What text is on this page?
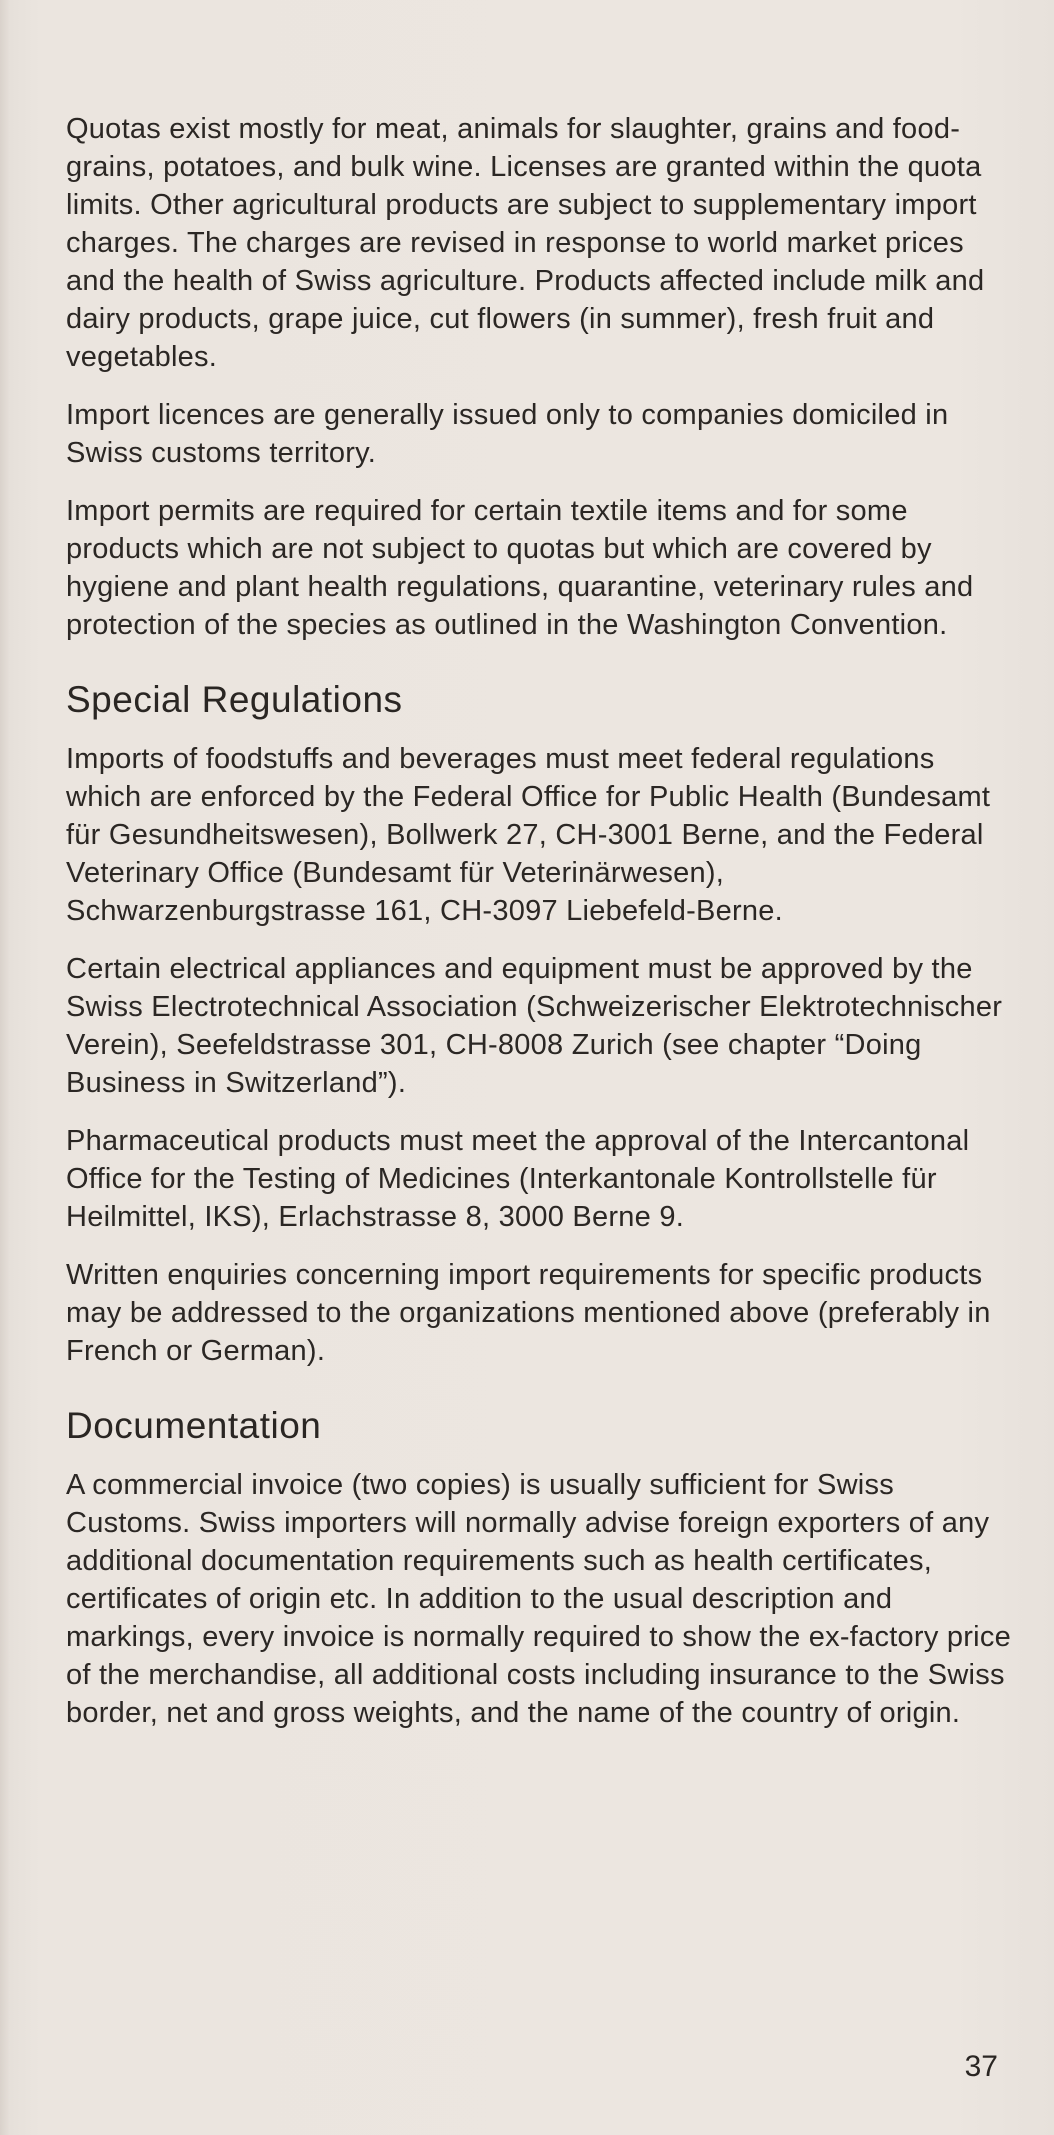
Quotas exist mostly for meat, animals for slaughter, grains and food-grains, potatoes, and bulk wine. Licenses are granted within the quota limits. Other agricultural products are subject to supplementary import charges. The charges are revised in response to world market prices and the health of Swiss agriculture. Products affected include milk and dairy products, grape juice, cut flowers (in summer), fresh fruit and vegetables.

Import licences are generally issued only to companies domiciled in Swiss customs territory.

Import permits are required for certain textile items and for some products which are not subject to quotas but which are covered by hygiene and plant health regulations, quarantine, veterinary rules and protection of the species as outlined in the Washington Convention.

Special Regulations

Imports of foodstuffs and beverages must meet federal regulations which are enforced by the Federal Office for Public Health (Bundesamt für Gesundheitswesen), Bollwerk 27, CH-3001 Berne, and the Federal Veterinary Office (Bundesamt für Veterinärwesen), Schwarzenburgstrasse 161, CH-3097 Liebefeld-Berne.

Certain electrical appliances and equipment must be approved by the Swiss Electrotechnical Association (Schweizerischer Elektrotechnischer Verein), Seefeldstrasse 301, CH-8008 Zurich (see chapter “Doing Business in Switzerland”).

Pharmaceutical products must meet the approval of the Intercantonal Office for the Testing of Medicines (Interkantonale Kontrollstelle für Heilmittel, IKS), Erlachstrasse 8, 3000 Berne 9.

Written enquiries concerning import requirements for specific products may be addressed to the organizations mentioned above (preferably in French or German).

Documentation

A commercial invoice (two copies) is usually sufficient for Swiss Customs. Swiss importers will normally advise foreign exporters of any additional documentation requirements such as health certificates, certificates of origin etc. In addition to the usual description and markings, every invoice is normally required to show the ex-factory price of the merchandise, all additional costs including insurance to the Swiss border, net and gross weights, and the name of the country of origin.

37
